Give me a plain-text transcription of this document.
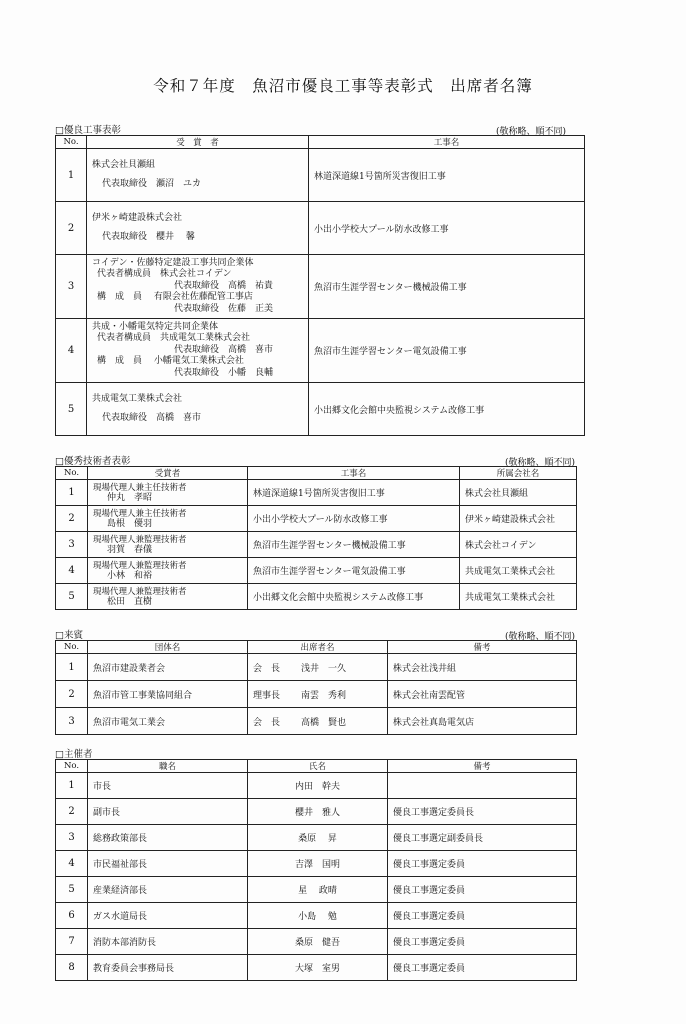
令和７年度　魚沼市優良工事等表彰式　出席者名簿
□優良工事表彰	(敬称略、順不同)
No.	受　賞　者	工事名
1	株式会社貝瀬組
代表取締役　瀬沼　ユカ	林道深道線1号箇所災害復旧工事
2	伊米ヶ崎建設株式会社
代表取締役　櫻井　 馨	小出小学校大プール防水改修工事
3	コイデン・佐藤特定建設工事共同企業体
代表者構成員　株式会社コイデン
代表取締役　高橋　祐貴
構　成　員　 有限会社佐藤配管工事店
代表取締役　佐藤　正美	魚沼市生涯学習センター機械設備工事
4	共成・小幡電気特定共同企業体
代表者構成員　共成電気工業株式会社
代表取締役　高橋　喜市
構　成　員　 小幡電気工業株式会社
代表取締役　小幡　良輔	魚沼市生涯学習センター電気設備工事
5	共成電気工業株式会社
代表取締役　高橋　喜市	小出郷文化会館中央監視システム改修工事
□優秀技術者表彰	(敬称略、順不同)
No.	受賞者	工事名	所属会社名
1	現場代理人兼主任技術者
仲丸　孝昭	林道深道線1号箇所災害復旧工事	株式会社貝瀬組
2	現場代理人兼主任技術者
島根　優羽	小出小学校大プール防水改修工事	伊米ヶ崎建設株式会社
3	現場代理人兼監理技術者
羽賀　春儀	魚沼市生涯学習センター機械設備工事	株式会社コイデン
4	現場代理人兼監理技術者
小林　和裕	魚沼市生涯学習センター電気設備工事	共成電気工業株式会社
5	現場代理人兼監理技術者
松田　直樹	小出郷文化会館中央監視システム改修工事	共成電気工業株式会社
□来賓	(敬称略、順不同)
No.	団体名	出席者名	備考
1	魚沼市建設業者会	会　長 浅井　一久	株式会社浅井組
2	魚沼市管工事業協同組合	理事長 南雲　秀利	株式会社南雲配管
3	魚沼市電気工業会	会　長 高橋　賢也	株式会社真島電気店
□主催者
No.	職名	氏名	備考
1	市長	内田　幹夫	
2	副市長	櫻井　雅人	優良工事選定委員長
3	総務政策部長	桑原　 昇	優良工事選定副委員長
4	市民福祉部長	吉澤　国明	優良工事選定委員
5	産業経済部長	星　 政晴	優良工事選定委員
6	ガス水道局長	小島　 勉	優良工事選定委員
7	消防本部消防長	桑原　健吾	優良工事選定委員
8	教育委員会事務局長	大塚　室男	優良工事選定委員
